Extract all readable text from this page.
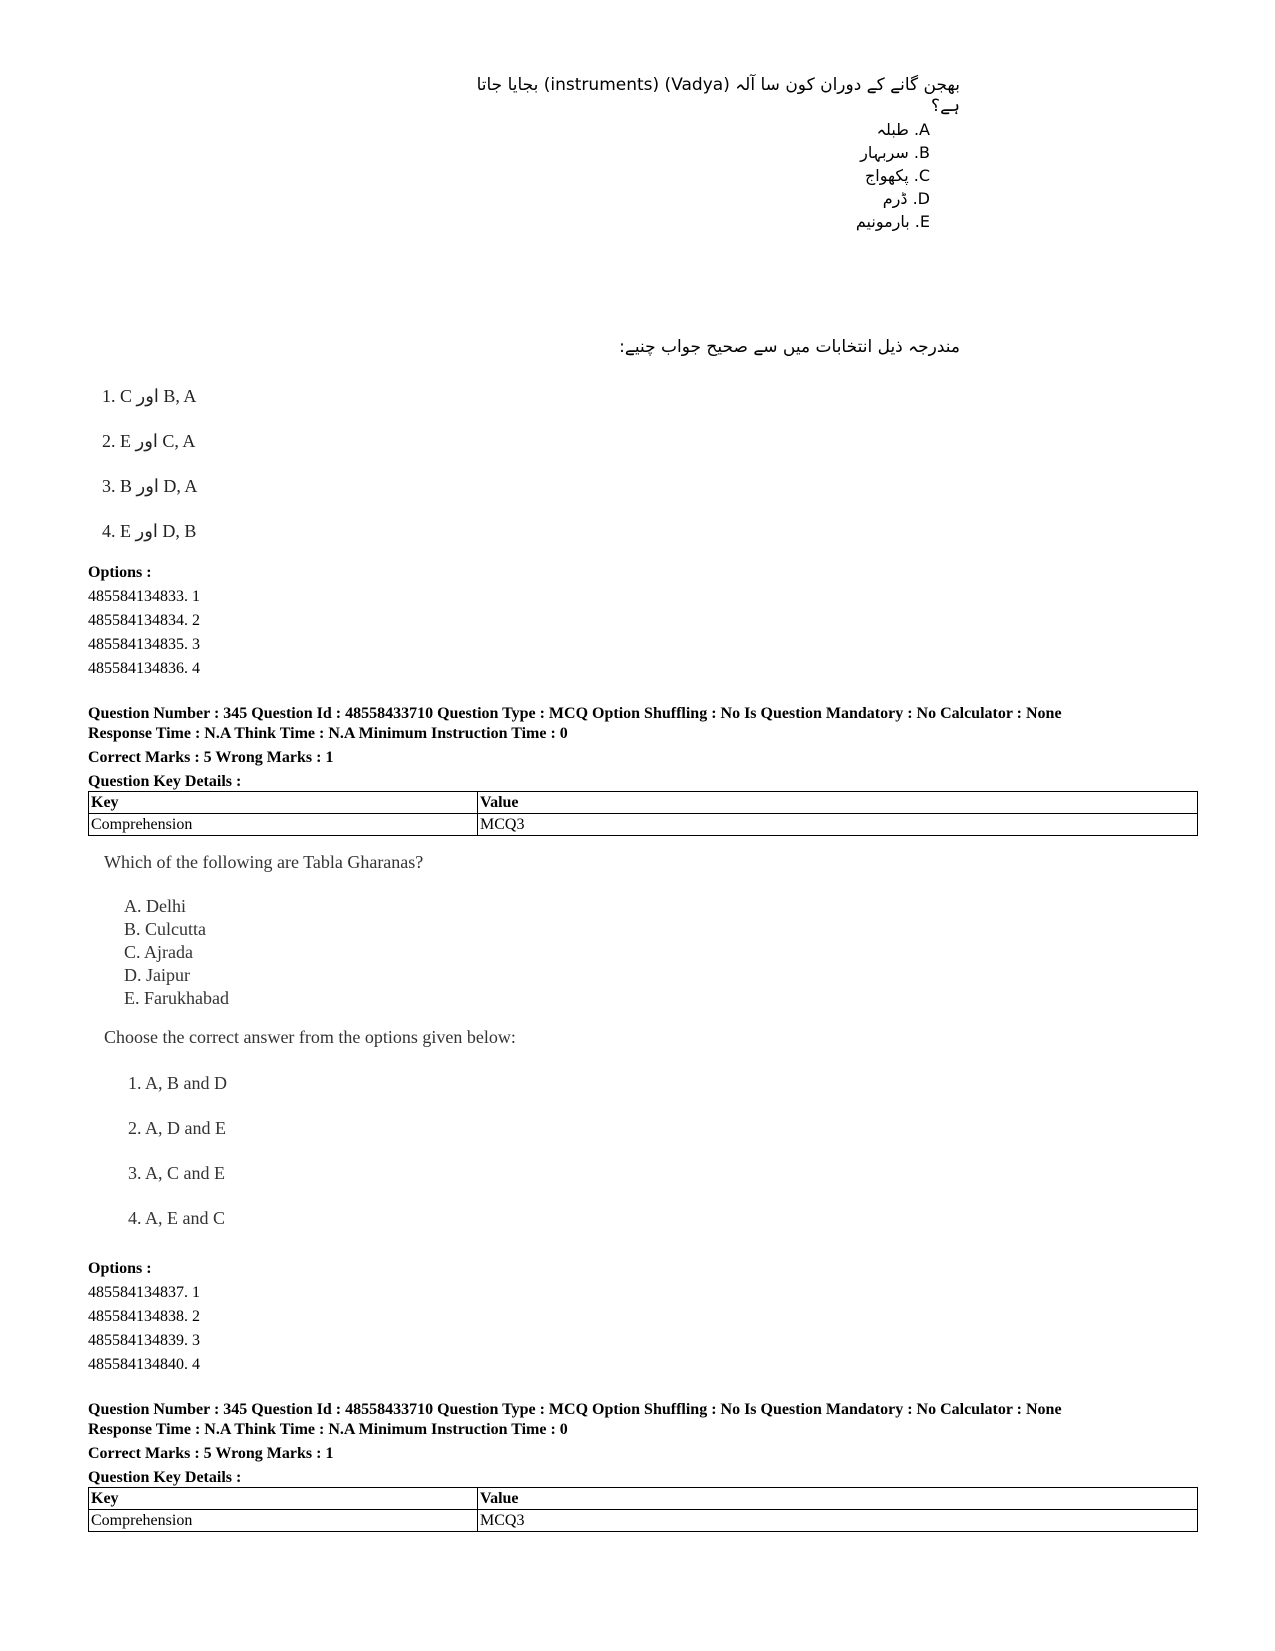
بھجن گانے کے دوران کون سا آلہ (Vadya) (instruments) بجایا جاتا ہے؟
A. طبلہ
B. سربہار
C. پکھواج
D. ڈرم
E. بارمونیم
مندرجہ ذیل انتخابات میں سے صحیح جواب چنیے:
1. C اور B, A
2. E اور C, A
3. B اور D, A
4. E اور D, B
Options :
485584134833. 1
485584134834. 2
485584134835. 3
485584134836. 4
Question Number : 345 Question Id : 48558433710 Question Type : MCQ Option Shuffling : No Is Question Mandatory : No Calculator : None
Response Time : N.A Think Time : N.A Minimum Instruction Time : 0
Correct Marks : 5 Wrong Marks : 1
Question Key Details :
Key	Value
Comprehension	MCQ3
Which of the following are Tabla Gharanas?
A. Delhi
B. Culcutta
C. Ajrada
D. Jaipur
E. Farukhabad
Choose the correct answer from the options given below:
1. A, B and D
2. A, D and E
3. A, C and E
4. A, E and C
Options :
485584134837. 1
485584134838. 2
485584134839. 3
485584134840. 4
Question Number : 345 Question Id : 48558433710 Question Type : MCQ Option Shuffling : No Is Question Mandatory : No Calculator : None
Response Time : N.A Think Time : N.A Minimum Instruction Time : 0
Correct Marks : 5 Wrong Marks : 1
Question Key Details :
Key	Value
Comprehension	MCQ3
